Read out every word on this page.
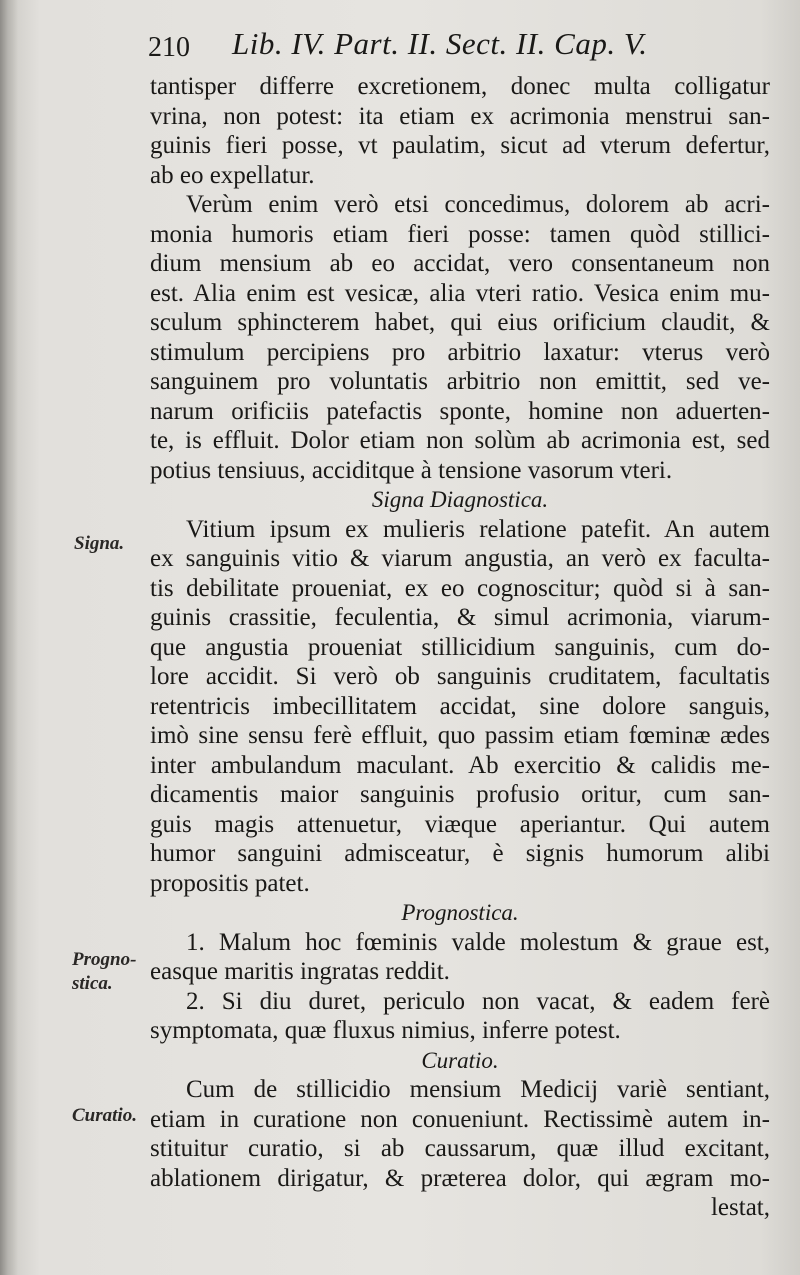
210 Lib. IV. Part. II. Sect. II. Cap. V.
Signa.
Progno-
stica.
Curatio.
tantisper differre excretionem, donec multa colligatur
vrina, non potest: ita etiam ex acrimonia menstrui san-
guinis fieri posse, vt paulatim, sicut ad vterum defertur,
ab eo expellatur.
Verùm enim verò etsi concedimus, dolorem ab acri-
monia humoris etiam fieri posse: tamen quòd stillici-
dium mensium ab eo accidat, vero consentaneum non
est. Alia enim est vesicæ, alia vteri ratio. Vesica enim mu-
sculum sphincterem habet, qui eius orificium claudit, &
stimulum percipiens pro arbitrio laxatur: vterus verò
sanguinem pro voluntatis arbitrio non emittit, sed ve-
narum orificiis patefactis sponte, homine non aduerten-
te, is effluit. Dolor etiam non solùm ab acrimonia est, sed
potius tensiuus, acciditque à tensione vasorum vteri.
Signa Diagnostica.
Vitium ipsum ex mulieris relatione patefit. An autem
ex sanguinis vitio & viarum angustia, an verò ex faculta-
tis debilitate proueniat, ex eo cognoscitur; quòd si à san-
guinis crassitie, feculentia, & simul acrimonia, viarum-
que angustia proueniat stillicidium sanguinis, cum do-
lore accidit. Si verò ob sanguinis cruditatem, facultatis
retentricis imbecillitatem accidat, sine dolore sanguis,
imò sine sensu ferè effluit, quo passim etiam fœminæ ædes
inter ambulandum maculant. Ab exercitio & calidis me-
dicamentis maior sanguinis profusio oritur, cum san-
guis magis attenuetur, viæque aperiantur. Qui autem
humor sanguini admisceatur, è signis humorum alibi
propositis patet.
Prognostica.
1. Malum hoc fœminis valde molestum & graue est,
easque maritis ingratas reddit.
2. Si diu duret, periculo non vacat, & eadem ferè
symptomata, quæ fluxus nimius, inferre potest.
Curatio.
Cum de stillicidio mensium Medicij variè sentiant,
etiam in curatione non conueniunt. Rectissimè autem in-
stituitur curatio, si ab caussarum, quæ illud excitant,
ablationem dirigatur, & præterea dolor, qui ægram mo-
lestat,
